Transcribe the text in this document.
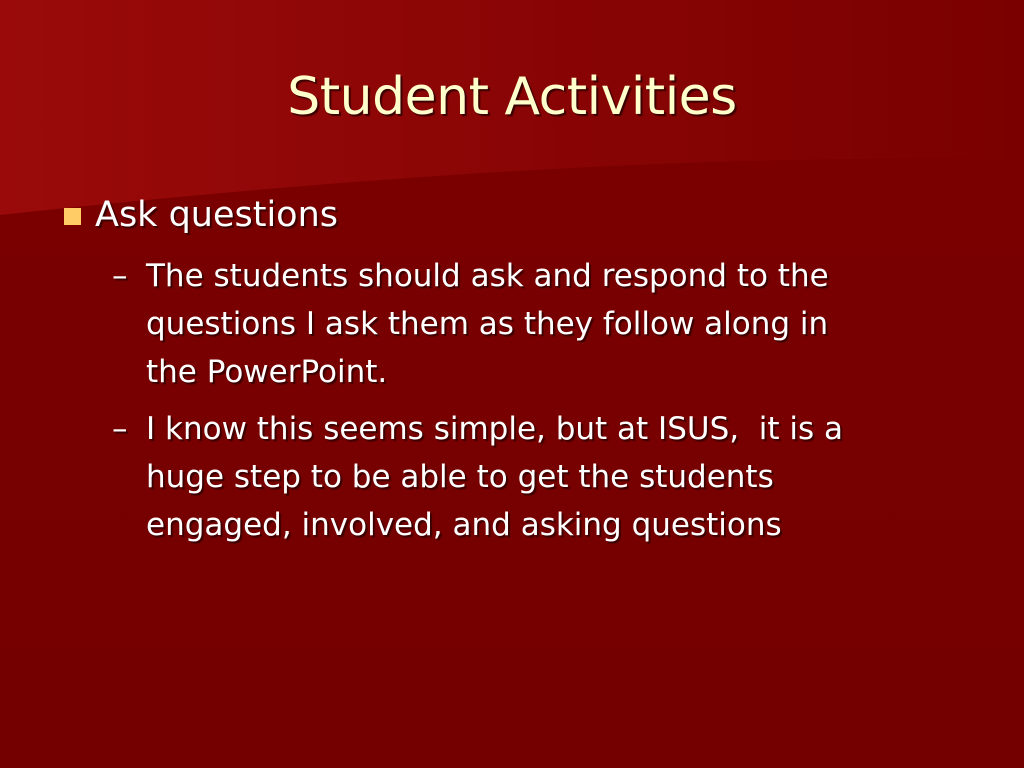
Student Activities
Ask questions
– The students should ask and respond to the
questions I ask them as they follow along in
the PowerPoint.
– I know this seems simple, but at ISUS,  it is a
huge step to be able to get the students
engaged, involved, and asking questions
